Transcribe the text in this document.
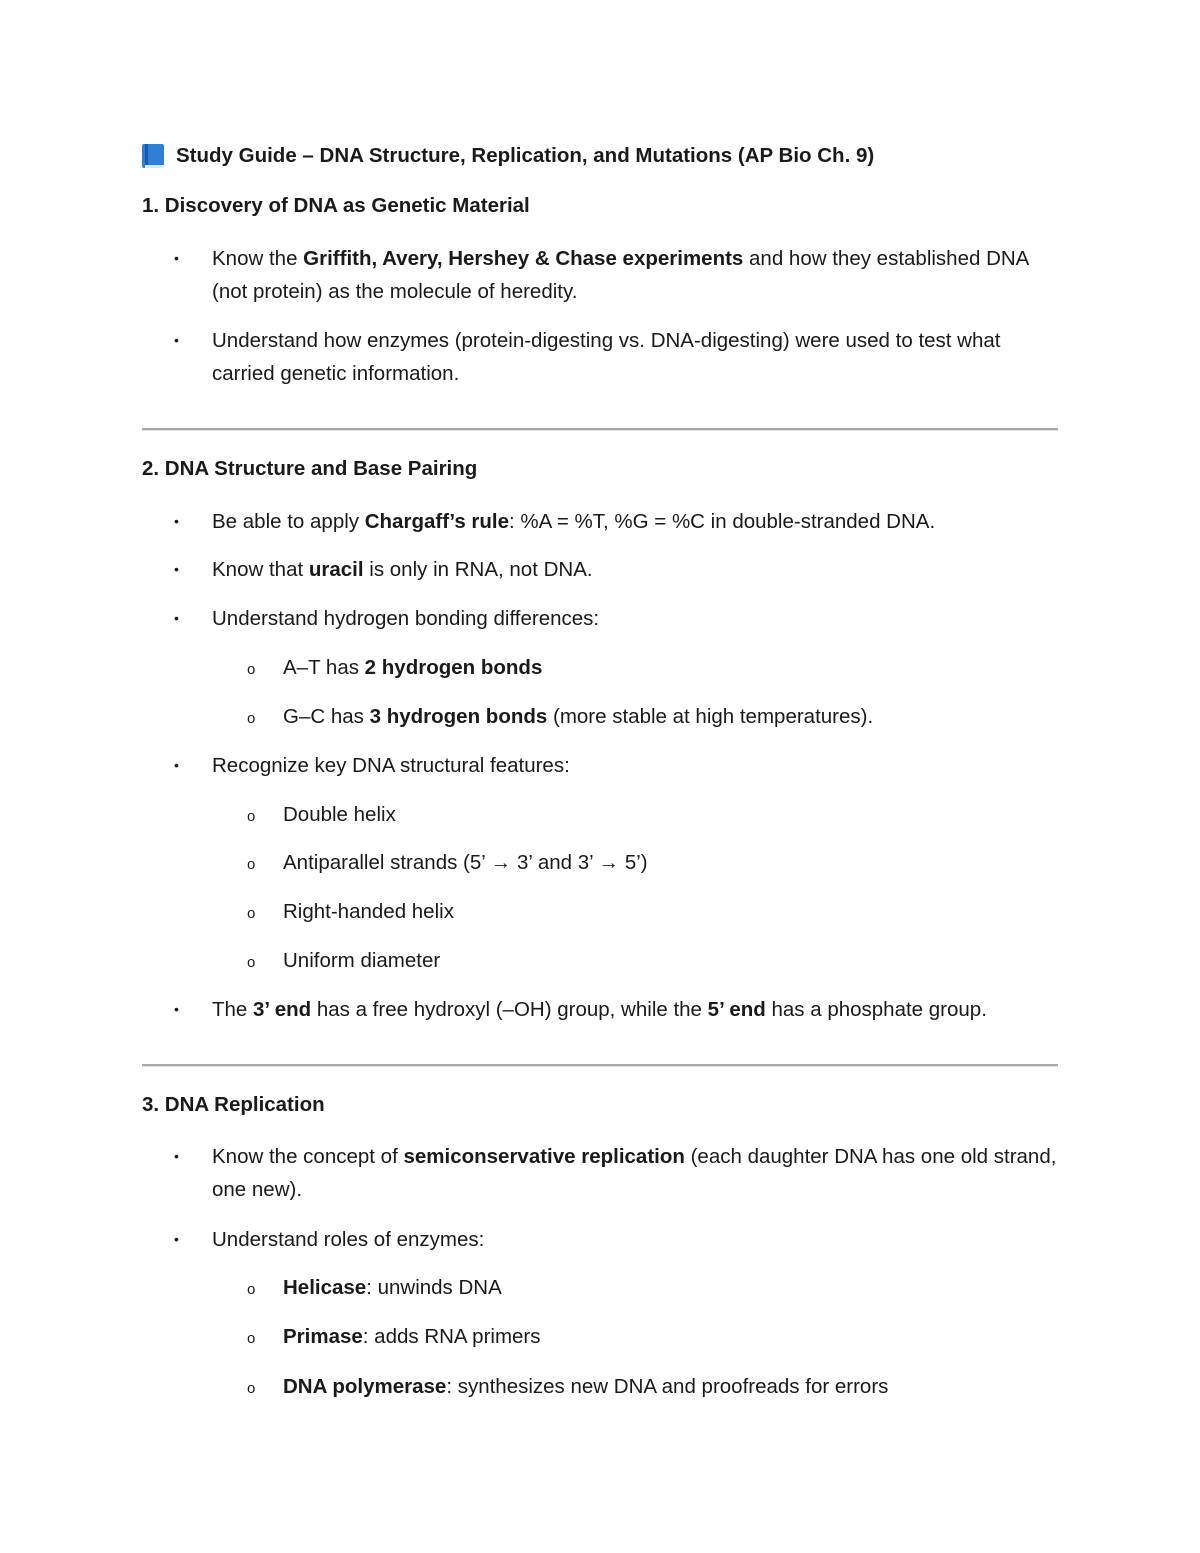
Study Guide – DNA Structure, Replication, and Mutations (AP Bio Ch. 9)
1. Discovery of DNA as Genetic Material
• Know the Griffith, Avery, Hershey & Chase experiments and how they established DNA (not protein) as the molecule of heredity.
• Understand how enzymes (protein-digesting vs. DNA-digesting) were used to test what carried genetic information.
2. DNA Structure and Base Pairing
• Be able to apply Chargaff’s rule: %A = %T, %G = %C in double-stranded DNA.
• Know that uracil is only in RNA, not DNA.
• Understand hydrogen bonding differences:
o A–T has 2 hydrogen bonds
o G–C has 3 hydrogen bonds (more stable at high temperatures).
• Recognize key DNA structural features:
o Double helix
o Antiparallel strands (5’ → 3’ and 3’ → 5’)
o Right-handed helix
o Uniform diameter
• The 3’ end has a free hydroxyl (–OH) group, while the 5’ end has a phosphate group.
3. DNA Replication
• Know the concept of semiconservative replication (each daughter DNA has one old strand, one new).
• Understand roles of enzymes:
o Helicase: unwinds DNA
o Primase: adds RNA primers
o DNA polymerase: synthesizes new DNA and proofreads for errors
